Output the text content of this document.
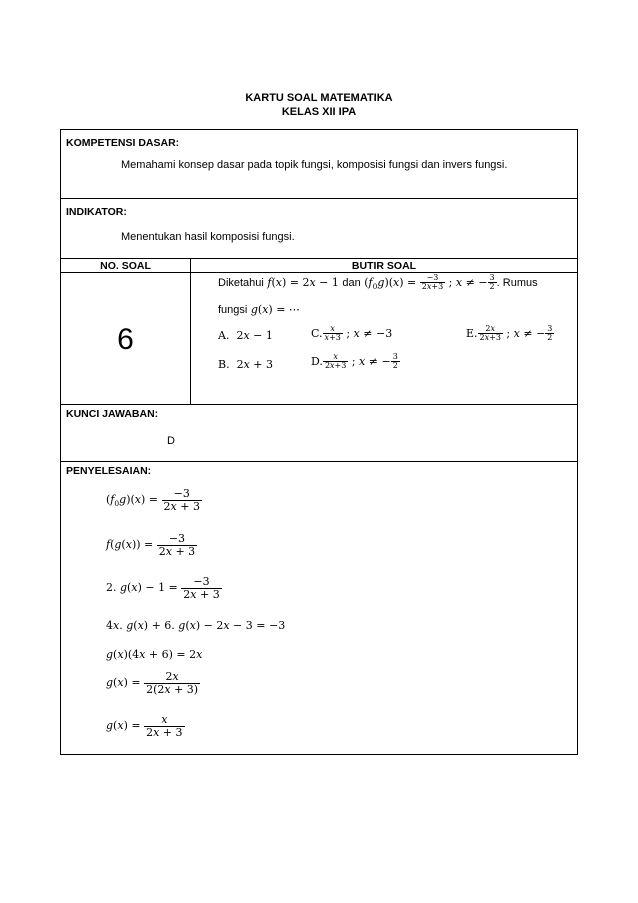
KARTU SOAL MATEMATIKA
KELAS XII IPA
KOMPETENSI DASAR:
Memahami konsep dasar pada topik fungsi, komposisi fungsi dan invers fungsi.
INDIKATOR:
Menentukan hasil komposisi fungsi.
NO. SOAL	BUTIR SOAL
6
Diketahui f(x) = 2x − 1 dan $(f_0g)(x) = \frac{-3}{2x+3}$ ; x ≠ − $\frac{3}{2}$ . Rumus
fungsi g(x) = ⋯
A.  2x − 1	C. $\frac{x}{x+3}$ ; x ≠ −3	E. $\frac{2x}{2x+3}$ ; x ≠ − $\frac{3}{2}$
B.  2x + 3	D. $\frac{x}{2x+3}$ ; x ≠ − $\frac{3}{2}$
KUNCI JAWABAN:
D
PENYELESAIAN:
$(f_0g)(x) = \frac{-3}{2x + 3}$
$f(g(x)) = \frac{-3}{2x + 3}$
2. $g(x) - 1 = \frac{-3}{2x + 3}$
4x. g(x) + 6. g(x) − 2x − 3 = −3
g(x)(4x + 6) = 2x
$g(x) = \frac{2x}{2(2x + 3)}$
$g(x) = \frac{x}{2x + 3}$
